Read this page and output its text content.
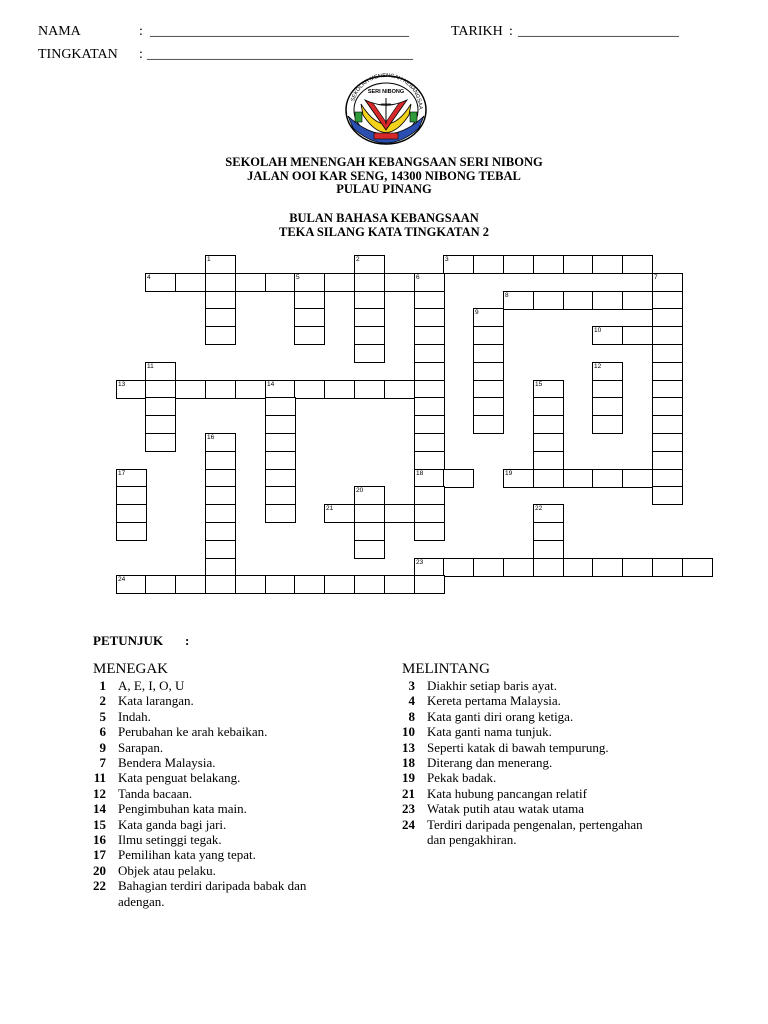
NAMA	: _____________________________________	TARIKH : _______________________
TINGKATAN : ______________________________________
SEKOLAH MENENGAH KEBANGSAA
SERI NIBONG
SEKOLAH MENENGAH KEBANGSAAN SERI NIBONG
JALAN OOI KAR SENG, 14300 NIBONG TEBAL
PULAU PINANG
BULAN BAHASA KEBANGSAAN
TEKA SILANG KATA TINGKATAN 2
1	2	3
4	5	6	7
8
9
10
11	12
13	14	15
16
17	18	19
20
21	22
23
24
PETUNJUK :
MENEGAK	MELINTANG
1 A, E, I, O, U
2 Kata larangan.
5 Indah.
6 Perubahan ke arah kebaikan.
9 Sarapan.
7 Bendera Malaysia.
11 Kata penguat belakang.
12 Tanda bacaan.
14 Pengimbuhan kata main.
15 Kata ganda bagi jari.
16 Ilmu setinggi tegak.
17 Pemilihan kata yang tepat.
20 Objek atau pelaku.
22 Bahagian terdiri daripada babak dan
adengan.
3 Diakhir setiap baris ayat.
4 Kereta pertama Malaysia.
8 Kata ganti diri orang ketiga.
10 Kata ganti nama tunjuk.
13 Seperti katak di bawah tempurung.
18 Diterang dan menerang.
19 Pekak badak.
21 Kata hubung pancangan relatif
23 Watak putih atau watak utama
24 Terdiri daripada pengenalan, pertengahan
dan pengakhiran.
